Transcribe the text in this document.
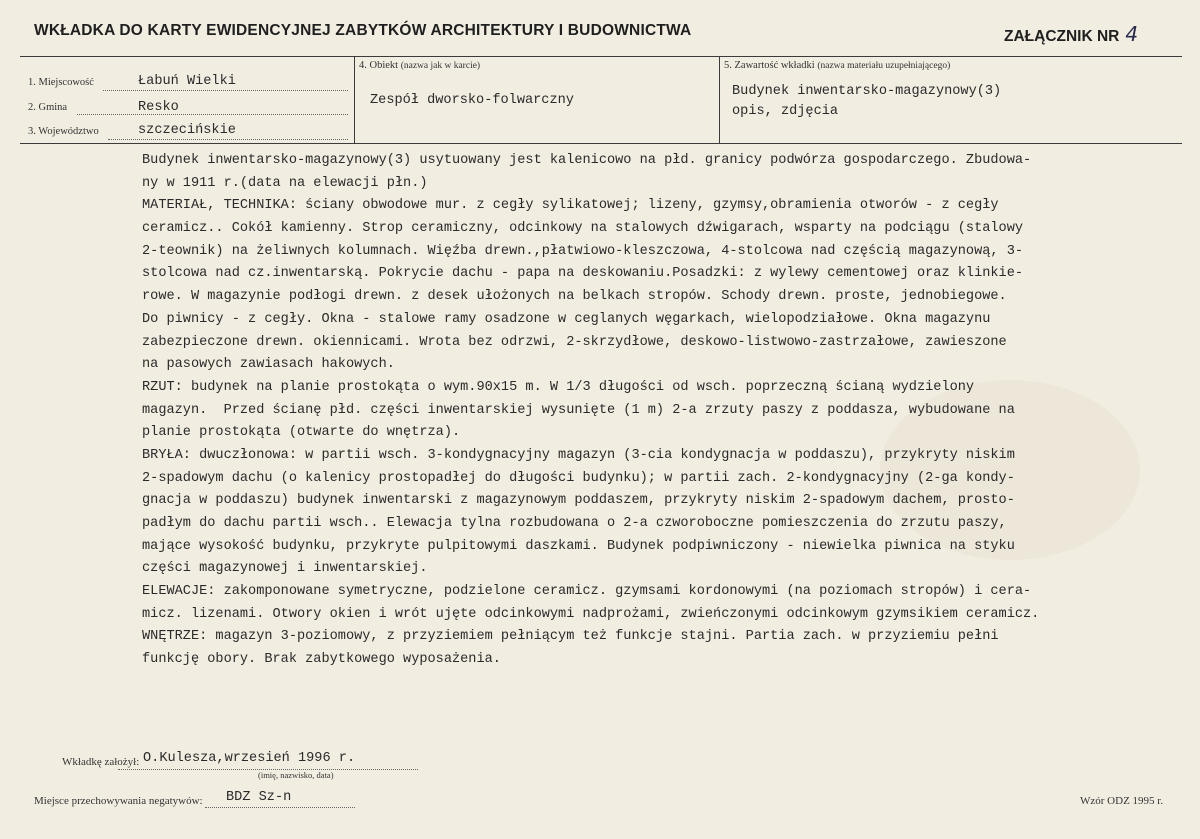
WKŁADKA DO KARTY EWIDENCYJNEJ ZABYTKÓW ARCHITEKTURY I BUDOWNICTWA	ZAŁĄCZNIK NR 4
1. Miejscowość	Łabuń Wielki
2. Gmina	Resko
3. Województwo	szczecińskie
4. Obiekt (nazwa jak w karcie)
Zespół dworsko-folwarczny
5. Zawartość wkładki (nazwa materiału uzupełniającego)
Budynek inwentarsko-magazynowy(3)
opis, zdjęcia
Budynek inwentarsko-magazynowy(3) usytuowany jest kalenicowo na płd. granicy podwórza gospodarczego. Zbudowa-
ny w 1911 r.(data na elewacji płn.)
MATERIAŁ, TECHNIKA: ściany obwodowe mur. z cegły sylikatowej; lizeny, gzymsy,obramienia otworów - z cegły
ceramicz.. Cokół kamienny. Strop ceramiczny, odcinkowy na stalowych dźwigarach, wsparty na podciągu (stalowy
2-teownik) na żeliwnych kolumnach. Więźba drewn.,płatwiowo-kleszczowa, 4-stolcowa nad częścią magazynową, 3-
stolcowa nad cz.inwentarską. Pokrycie dachu - papa na deskowaniu.Posadzki: z wylewy cementowej oraz klinkie-
rowe. W magazynie podłogi drewn. z desek ułożonych na belkach stropów. Schody drewn. proste, jednobiegowe.
Do piwnicy - z cegły. Okna - stalowe ramy osadzone w ceglanych węgarkach, wielopodziałowe. Okna magazynu
zabezpieczone drewn. okiennicami. Wrota bez odrzwi, 2-skrzydłowe, deskowo-listwowo-zastrzałowe, zawieszone
na pasowych zawiasach hakowych.
RZUT: budynek na planie prostokąta o wym.90x15 m. W 1/3 długości od wsch. poprzeczną ścianą wydzielony
magazyn.  Przed ścianę płd. części inwentarskiej wysunięte (1 m) 2-a zrzuty paszy z poddasza, wybudowane na
planie prostokąta (otwarte do wnętrza).
BRYŁA: dwuczłonowa: w partii wsch. 3-kondygnacyjny magazyn (3-cia kondygnacja w poddaszu), przykryty niskim
2-spadowym dachu (o kalenicy prostopadłej do długości budynku); w partii zach. 2-kondygnacyjny (2-ga kondy-
gnacja w poddaszu) budynek inwentarski z magazynowym poddaszem, przykryty niskim 2-spadowym dachem, prosto-
padłym do dachu partii wsch.. Elewacja tylna rozbudowana o 2-a czworoboczne pomieszczenia do zrzutu paszy,
mające wysokość budynku, przykryte pulpitowymi daszkami. Budynek podpiwniczony - niewielka piwnica na styku
części magazynowej i inwentarskiej.
ELEWACJE: zakomponowane symetryczne, podzielone ceramicz. gzymsami kordonowymi (na poziomach stropów) i cera-
micz. lizenami. Otwory okien i wrót ujęte odcinkowymi nadprożami, zwieńczonymi odcinkowym gzymsikiem ceramicz.
WNĘTRZE: magazyn 3-poziomowy, z przyziemiem pełniącym też funkcje stajni. Partia zach. w przyziemiu pełni
funkcję obory. Brak zabytkowego wyposażenia.
Wkładkę założył: O.Kulesza,wrzesień 1996 r.
(imię, nazwisko, data)
Miejsce przechowywania negatywów: BDZ Sz-n	Wzór ODZ 1995 r.
